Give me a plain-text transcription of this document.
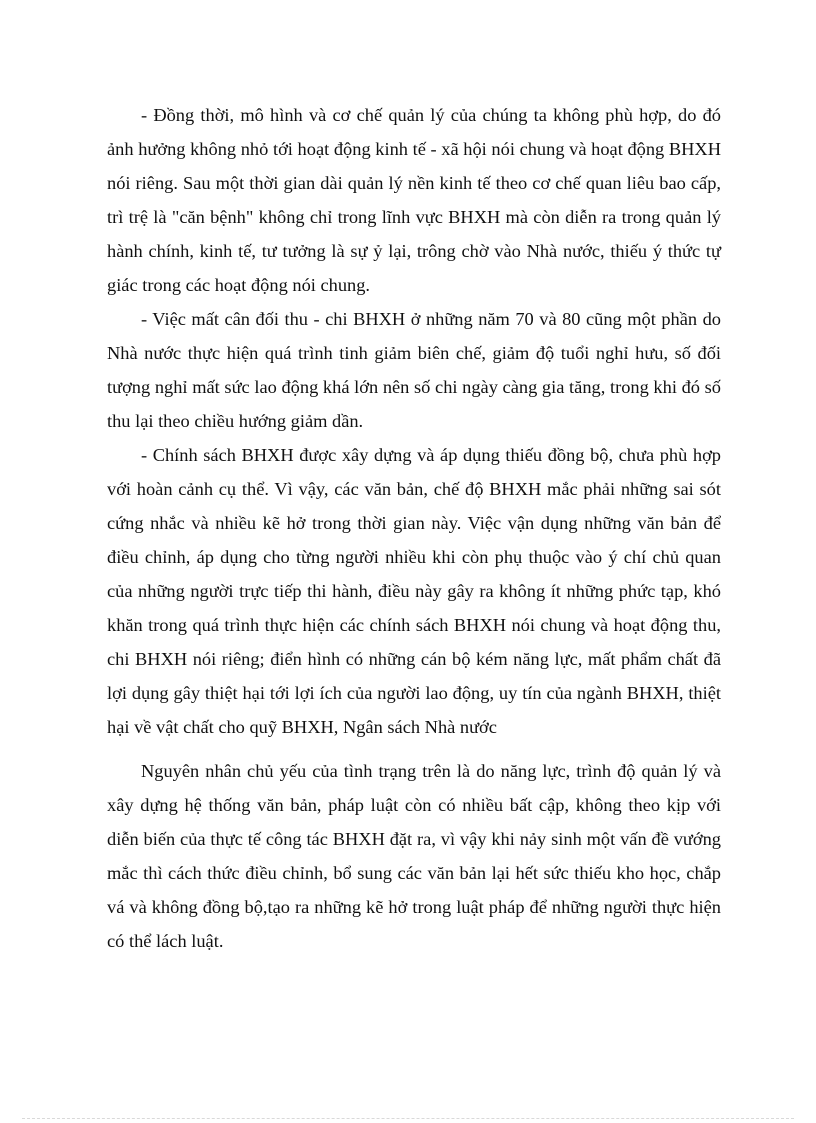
- Đồng thời, mô hình và cơ chế quản lý của chúng ta không phù hợp, do đó ảnh hưởng không nhỏ tới hoạt động kinh tế - xã hội nói chung và hoạt động BHXH nói riêng. Sau một thời gian dài quản lý nền kinh tế theo cơ chế quan liêu bao cấp, trì trệ là "căn bệnh" không chỉ trong lĩnh vực BHXH mà còn diễn ra trong quản lý hành chính, kinh tế, tư tưởng là sự ỷ lại, trông chờ vào Nhà nước, thiếu ý thức tự giác trong các hoạt động nói chung.

- Việc mất cân đối thu - chi BHXH ở những năm 70 và 80 cũng một phần do Nhà nước thực hiện quá trình tinh giảm biên chế, giảm độ tuổi nghỉ hưu, số đối tượng nghỉ mất sức lao động khá lớn nên số chi ngày càng gia tăng, trong khi đó số thu lại theo chiều hướng giảm dần.

- Chính sách BHXH được xây dựng và áp dụng thiếu đồng bộ, chưa phù hợp với hoàn cảnh cụ thể. Vì vậy, các văn bản, chế độ BHXH mắc phải những sai sót cứng nhắc và nhiều kẽ hở trong thời gian này. Việc vận dụng những văn bản để điều chỉnh, áp dụng cho từng người nhiều khi còn phụ thuộc vào ý chí chủ quan của những người trực tiếp thi hành, điều này gây ra không ít những phức tạp, khó khăn trong quá trình thực hiện các chính sách BHXH nói chung và hoạt động thu, chi BHXH nói riêng; điển hình có những cán bộ kém năng lực, mất phẩm chất đã lợi dụng gây thiệt hại tới lợi ích của người lao động, uy tín của ngành BHXH, thiệt hại về vật chất cho quỹ BHXH, Ngân sách Nhà nước

Nguyên nhân chủ yếu của tình trạng trên là do năng lực, trình độ quản lý và xây dựng hệ thống văn bản, pháp luật còn có nhiều bất cập, không theo kịp với diễn biến của thực tế công tác BHXH đặt ra, vì vậy khi nảy sinh một vấn đề vướng mắc thì cách thức điều chỉnh, bổ sung các văn bản lại hết sức thiếu kho học, chắp vá và không đồng bộ,tạo ra những kẽ hở trong luật pháp để những người thực hiện có thể lách luật.
